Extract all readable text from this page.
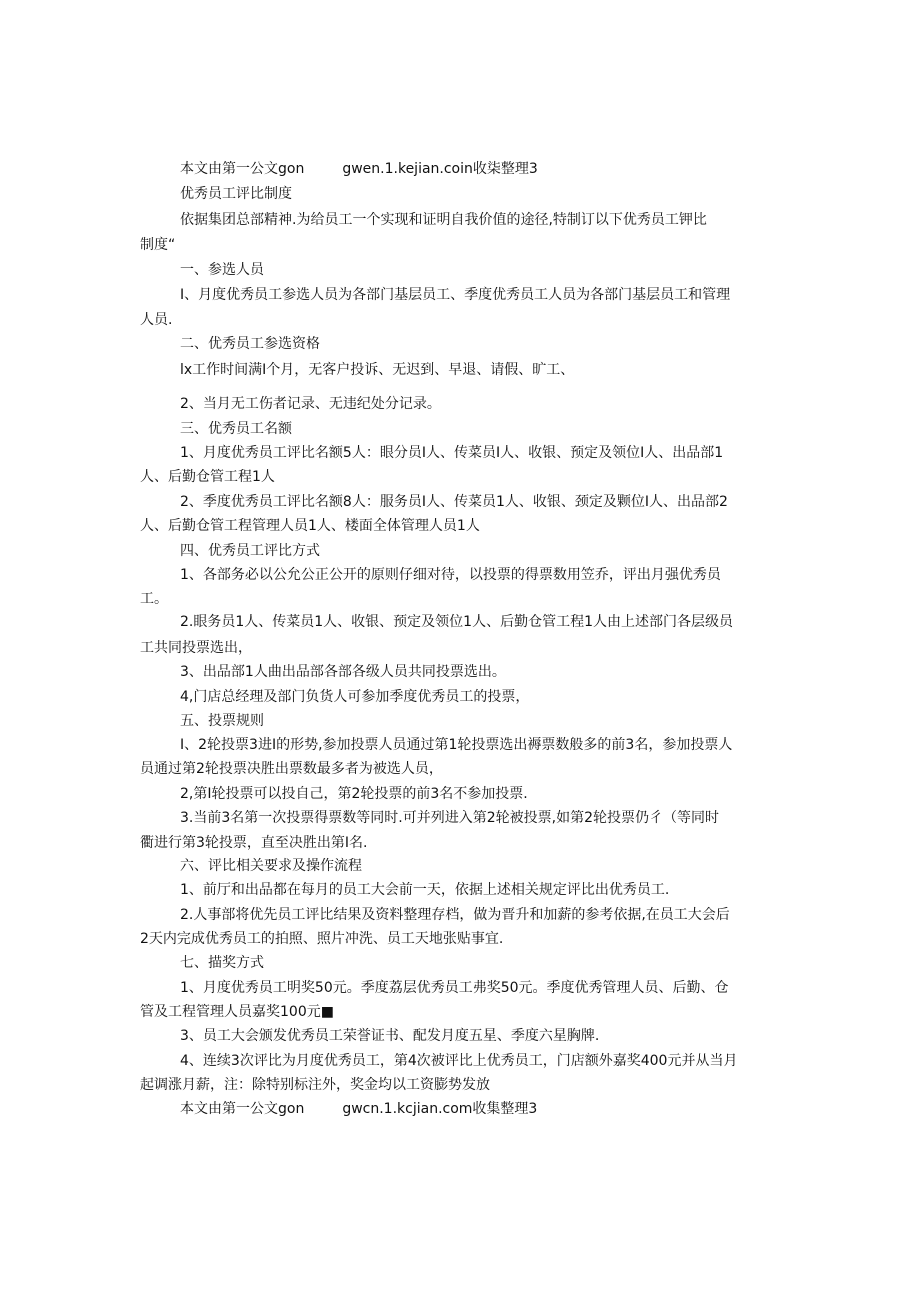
本文由第一公文gon	gwen.1.kejian.coin收柒整理3
优秀员工评比制度
依据集团总部精神.为给员工一个实现和证明自我价值的途径,特制订以下优秀员工钾比
制度“
一、参选人员
I、月度优秀员工参选人员为各部门基层员工、季度优秀员工人员为各部门基层员工和管理
人员.
二、优秀员工参选资格
lx工作时间满I个月，无客户投诉、无迟到、早退、请假、旷工、
2、当月无工伤者记录、无违纪处分记录。
三、优秀员工名额
1、月度优秀员工评比名额5人：眼分员I人、传菜员I人、收银、预定及领位I人、出品部1
人、后勤仓管工程1人
2、季度优秀员工评比名额8人：服务员I人、传菜员1人、收银、颈定及颗位I人、出品部2
人、后勤仓管工程管理人员1人、楼面全体管理人员1人
四、优秀员工评比方式
1、各部务必以公允公正公开的原则仔细对待，以投票的得票数用笠乔，评出月强优秀员
工。
2.眼务员1人、传菜员1人、收银、预定及领位1人、后勤仓管工程1人由上述部门各层级员
工共同投票选出，
3、出品部1人曲出品部各部各级人员共同投票选出。
4,门店总经理及部门负货人可参加季度优秀员工的投票，
五、投票规则
I、2轮投票3进I的形势,参加投票人员通过第1轮投票选出褥票数般多的前3名，参加投票人
员通过第2轮投票决胜出票数最多者为被选人员，
2,第I轮投票可以投自己，第2轮投票的前3名不参加投票.
3.当前3名第一次投票得票数等同时.可并列进入第2轮被投票,如第2轮投票仍彳（等同时
衢进行第3轮投票，直至决胜出第I名.
六、评比相关要求及操作流程
1、前厅和出品都在每月的员工大会前一天，依据上述相关规定评比出优秀员工.
2.人事部将优先员工评比结果及资料整理存档，做为晋升和加薪的参考依据,在员工大会后
2天内完成优秀员工的拍照、照片冲洗、员工天地张贴事宜.
七、描奖方式
1、月度优秀员工明奖50元。季度荔层优秀员工弗奖50元。季度优秀管理人员、后勤、仓
管及工程管理人员嘉奖100元■
3、员工大会颁发优秀员工荣誉证书、配发月度五星、季度六星胸牌.
4、连续3次评比为月度优秀员工，第4次被评比上优秀员工，门店额外嘉奖400元并从当月
起调涨月薪，注：除特别标注外，奖金均以工资膨势发放
本文由第一公文gon	gwcn.1.kcjian.com收集整理3
